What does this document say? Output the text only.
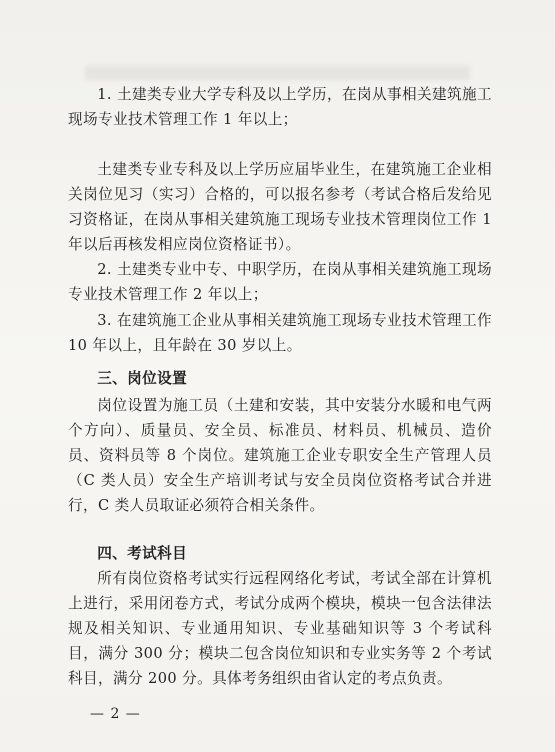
1. 土建类专业大学专科及以上学历，在岗从事相关建筑施工现场专业技术管理工作 1 年以上；

土建类专业专科及以上学历应届毕业生，在建筑施工企业相关岗位见习（实习）合格的，可以报名参考（考试合格后发给见习资格证，在岗从事相关建筑施工现场专业技术管理岗位工作 1 年以后再核发相应岗位资格证书）。

2. 土建类专业中专、中职学历，在岗从事相关建筑施工现场专业技术管理工作 2 年以上；

3. 在建筑施工企业从事相关建筑施工现场专业技术管理工作 10 年以上，且年龄在 30 岁以上。

三、岗位设置

岗位设置为施工员（土建和安装，其中安装分水暖和电气两个方向）、质量员、安全员、标准员、材料员、机械员、造价员、资料员等 8 个岗位。建筑施工企业专职安全生产管理人员（C 类人员）安全生产培训考试与安全员岗位资格考试合并进行，C 类人员取证必须符合相关条件。

四、考试科目

所有岗位资格考试实行远程网络化考试，考试全部在计算机上进行，采用闭卷方式，考试分成两个模块，模块一包含法律法规及相关知识、专业通用知识、专业基础知识等 3 个考试科目，满分 300 分；模块二包含岗位知识和专业实务等 2 个考试科目，满分 200 分。具体考务组织由省认定的考点负责。

— 2 —
